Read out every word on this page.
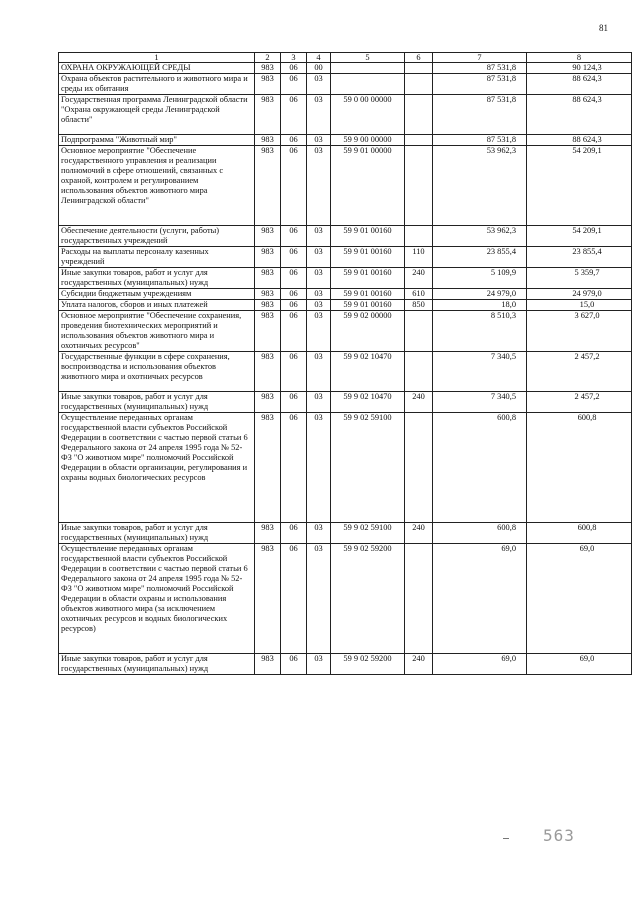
81
1	2	3	4	5	6	7	8
ОХРАНА ОКРУЖАЮЩЕЙ СРЕДЫ	983	06	00			87 531,8	90 124,3
Охрана объектов растительного и животного мира и среды их обитания	983	06	03			87 531,8	88 624,3
Государственная программа Ленинградской области "Охрана окружающей среды Ленинградской области"	983	06	03	59 0 00 00000		87 531,8	88 624,3
Подпрограмма "Животный мир"	983	06	03	59 9 00 00000		87 531,8	88 624,3
Основное мероприятие "Обеспечение государственного управления и реализации полномочий в сфере отношений, связанных с охраной, контролем и регулированием использования объектов животного мира Ленинградской области"	983	06	03	59 9 01 00000		53 962,3	54 209,1
Обеспечение деятельности (услуги, работы) государственных учреждений	983	06	03	59 9 01 00160		53 962,3	54 209,1
Расходы на выплаты персоналу казенных учреждений	983	06	03	59 9 01 00160	110	23 855,4	23 855,4
Иные закупки товаров, работ и услуг для государственных (муниципальных) нужд	983	06	03	59 9 01 00160	240	5 109,9	5 359,7
Субсидии бюджетным учреждениям	983	06	03	59 9 01 00160	610	24 979,0	24 979,0
Уплата налогов, сборов и иных платежей	983	06	03	59 9 01 00160	850	18,0	15,0
Основное мероприятие "Обеспечение сохранения, проведения биотехнических мероприятий и использования объектов животного мира и охотничьих ресурсов"	983	06	03	59 9 02 00000		8 510,3	3 627,0
Государственные функции в сфере сохранения, воспроизводства и использования объектов животного мира и охотничьих ресурсов	983	06	03	59 9 02 10470		7 340,5	2 457,2
Иные закупки товаров, работ и услуг для государственных (муниципальных) нужд	983	06	03	59 9 02 10470	240	7 340,5	2 457,2
Осуществление переданных органам государственной власти субъектов Российской Федерации в соответствии с частью первой статьи 6 Федерального закона от 24 апреля 1995 года № 52-ФЗ "О животном мире" полномочий Российской Федерации в области организации, регулирования и охраны водных биологических ресурсов	983	06	03	59 9 02 59100		600,8	600,8
Иные закупки товаров, работ и услуг для государственных (муниципальных) нужд	983	06	03	59 9 02 59100	240	600,8	600,8
Осуществление переданных органам государственной власти субъектов Российской Федерации в соответствии с частью первой статьи 6 Федерального закона от 24 апреля 1995 года № 52-ФЗ "О животном мире" полномочий Российской Федерации в области охраны и использования объектов животного мира (за исключением охотничьих ресурсов и водных биологических ресурсов)	983	06	03	59 9 02 59200		69,0	69,0
Иные закупки товаров, работ и услуг для государственных (муниципальных) нужд	983	06	03	59 9 02 59200	240	69,0	69,0
563
